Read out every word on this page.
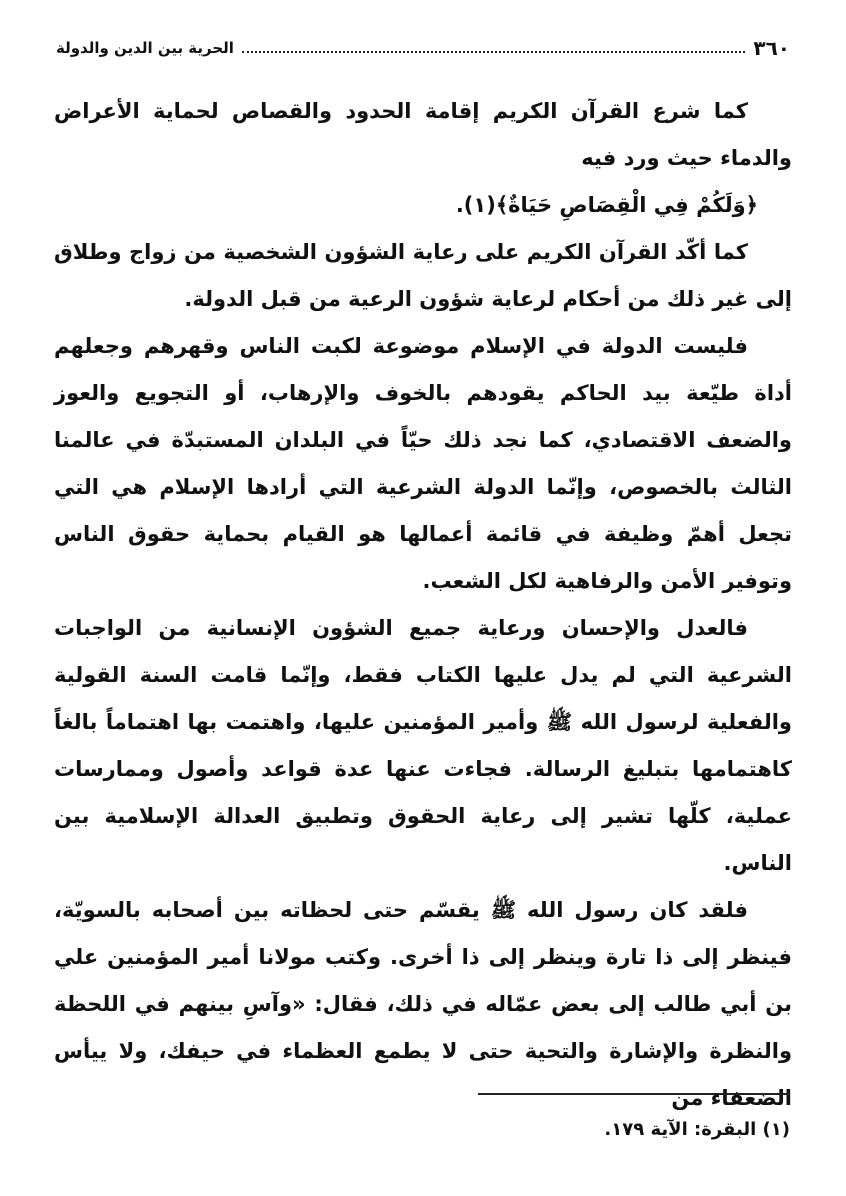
٣٦٠
الحرية بين الدين والدولة

كما شرع القرآن الكريم إقامة الحدود والقصاص لحماية الأعراض والدماء حيث ورد فيه

﴿وَلَكُمْ فِي الْقِصَاصِ حَيَاةٌ﴾(١).

كما أكّد القرآن الكريم على رعاية الشؤون الشخصية من زواج وطلاق إلى غير ذلك من أحكام لرعاية شؤون الرعية من قبل الدولة.

فليست الدولة في الإسلام موضوعة لكبت الناس وقهرهم وجعلهم أداة طيّعة بيد الحاكم يقودهم بالخوف والإرهاب، أو التجويع والعوز والضعف الاقتصادي، كما نجد ذلك حيّاً في البلدان المستبدّة في عالمنا الثالث بالخصوص، وإنّما الدولة الشرعية التي أرادها الإسلام هي التي تجعل أهمّ وظيفة في قائمة أعمالها هو القيام بحماية حقوق الناس وتوفير الأمن والرفاهية لكل الشعب.

فالعدل والإحسان ورعاية جميع الشؤون الإنسانية من الواجبات الشرعية التي لم يدل عليها الكتاب فقط، وإنّما قامت السنة القولية والفعلية لرسول الله ﷺ وأمير المؤمنين عليها، واهتمت بها اهتماماً بالغاً كاهتمامها بتبليغ الرسالة. فجاءت عنها عدة قواعد وأصول وممارسات عملية، كلّها تشير إلى رعاية الحقوق وتطبيق العدالة الإسلامية بين الناس.

فلقد كان رسول الله ﷺ يقسّم حتى لحظاته بين أصحابه بالسويّة، فينظر إلى ذا تارة وينظر إلى ذا أخرى. وكتب مولانا أمير المؤمنين علي بن أبي طالب إلى بعض عمّاله في ذلك، فقال: «وآسِ بينهم في اللحظة والنظرة والإشارة والتحية حتى لا يطمع العظماء في حيفك، ولا ييأس الضعفاء من

(١) البقرة: الآية ١٧٩.
